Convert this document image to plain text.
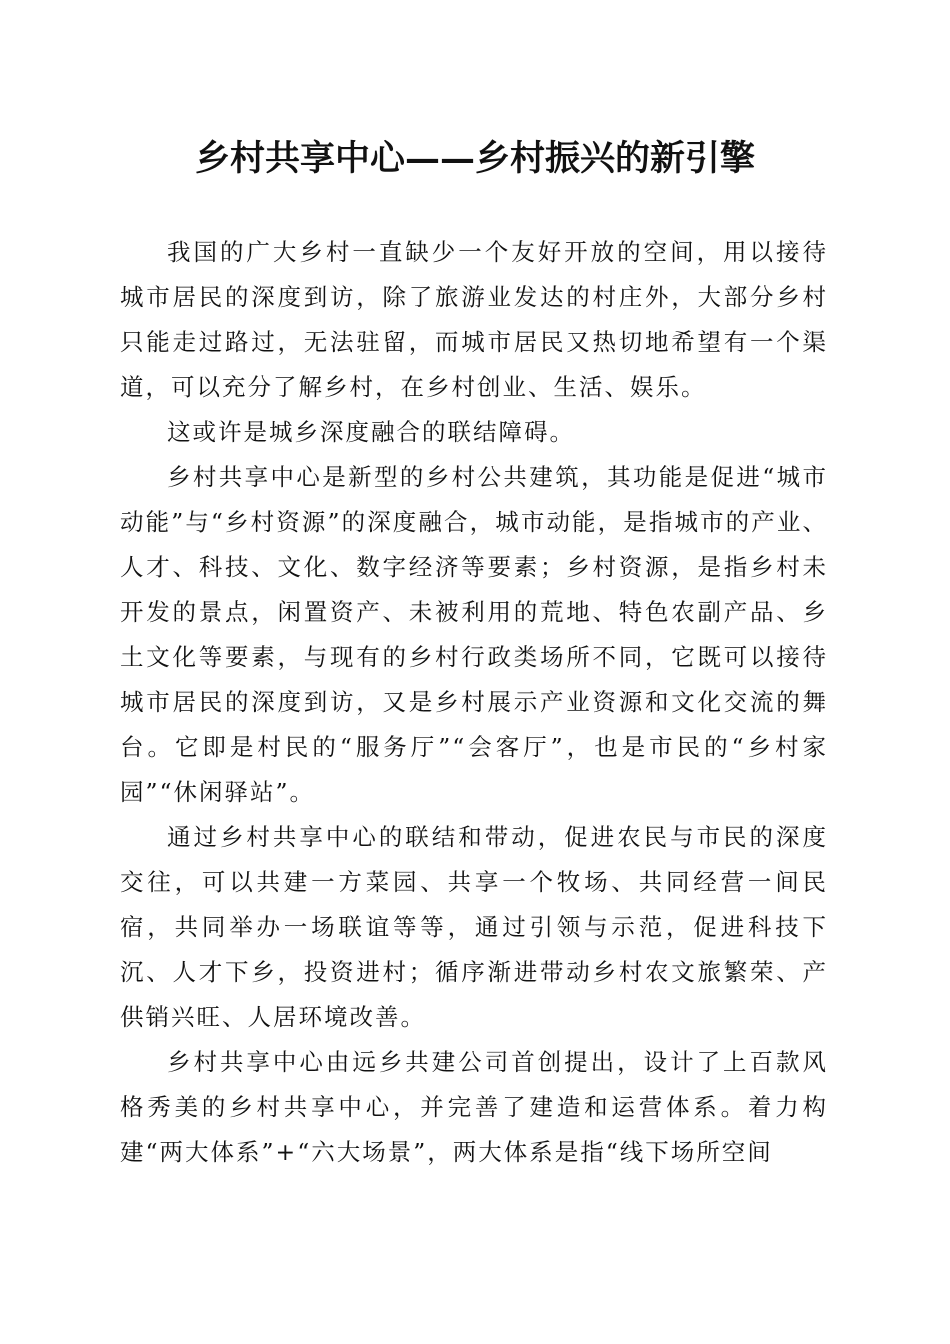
乡村共享中心——乡村振兴的新引擎

我国的广大乡村一直缺少一个友好开放的空间，用以接待城市居民的深度到访，除了旅游业发达的村庄外，大部分乡村只能走过路过，无法驻留，而城市居民又热切地希望有一个渠道，可以充分了解乡村，在乡村创业、生活、娱乐。

这或许是城乡深度融合的联结障碍。

乡村共享中心是新型的乡村公共建筑，其功能是促进“城市动能”与“乡村资源”的深度融合，城市动能，是指城市的产业、人才、科技、文化、数字经济等要素；乡村资源，是指乡村未开发的景点，闲置资产、未被利用的荒地、特色农副产品、乡土文化等要素，与现有的乡村行政类场所不同，它既可以接待城市居民的深度到访，又是乡村展示产业资源和文化交流的舞台。它即是村民的“服务厅”“会客厅”，也是市民的“乡村家园”“休闲驿站”。

通过乡村共享中心的联结和带动，促进农民与市民的深度交往，可以共建一方菜园、共享一个牧场、共同经营一间民宿，共同举办一场联谊等等，通过引领与示范，促进科技下沉、人才下乡，投资进村；循序渐进带动乡村农文旅繁荣、产供销兴旺、人居环境改善。

乡村共享中心由远乡共建公司首创提出，设计了上百款风格秀美的乡村共享中心，并完善了建造和运营体系。着力构建“两大体系”+“六大场景”，两大体系是指“线下场所空间
